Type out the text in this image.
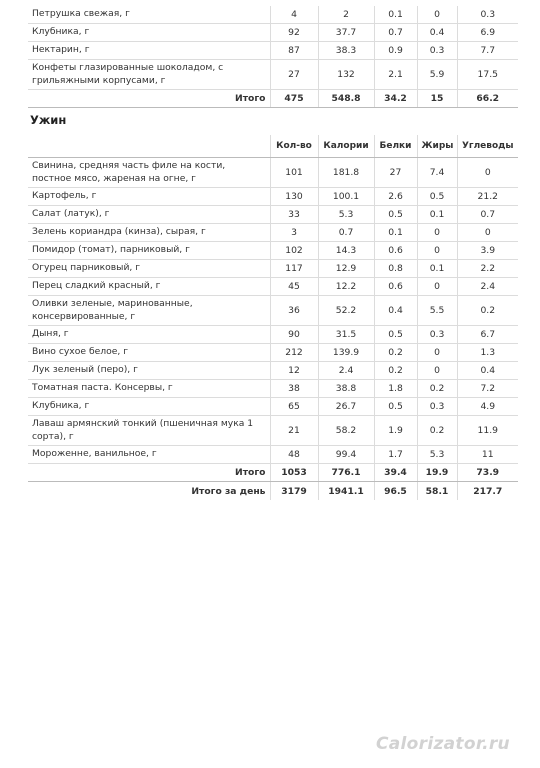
Петрушка свежая, г	4	2	0.1	0	0.3
Клубника, г	92	37.7	0.7	0.4	6.9
Нектарин, г	87	38.3	0.9	0.3	7.7
Конфеты глазированные шоколадом, с грильяжными корпусами, г	27	132	2.1	5.9	17.5
Итого	475	548.8	34.2	15	66.2
Ужин
	Кол-во	Калории	Белки	Жиры	Углеводы
Свинина, средняя часть филе на кости, постное мясо, жареная на огне, г	101	181.8	27	7.4	0
Картофель, г	130	100.1	2.6	0.5	21.2
Салат (латук), г	33	5.3	0.5	0.1	0.7
Зелень кориандра (кинза), сырая, г	3	0.7	0.1	0	0
Помидор (томат), парниковый, г	102	14.3	0.6	0	3.9
Огурец парниковый, г	117	12.9	0.8	0.1	2.2
Перец сладкий красный, г	45	12.2	0.6	0	2.4
Оливки зеленые, маринованные, консервированные, г	36	52.2	0.4	5.5	0.2
Дыня, г	90	31.5	0.5	0.3	6.7
Вино сухое белое, г	212	139.9	0.2	0	1.3
Лук зеленый (перо), г	12	2.4	0.2	0	0.4
Томатная паста. Консервы, г	38	38.8	1.8	0.2	7.2
Клубника, г	65	26.7	0.5	0.3	4.9
Лаваш армянский тонкий (пшеничная мука 1 сорта), г	21	58.2	1.9	0.2	11.9
Мороженне, ванильное, г	48	99.4	1.7	5.3	11
Итого	1053	776.1	39.4	19.9	73.9
Итого за день	3179	1941.1	96.5	58.1	217.7
Calorizator.ru
